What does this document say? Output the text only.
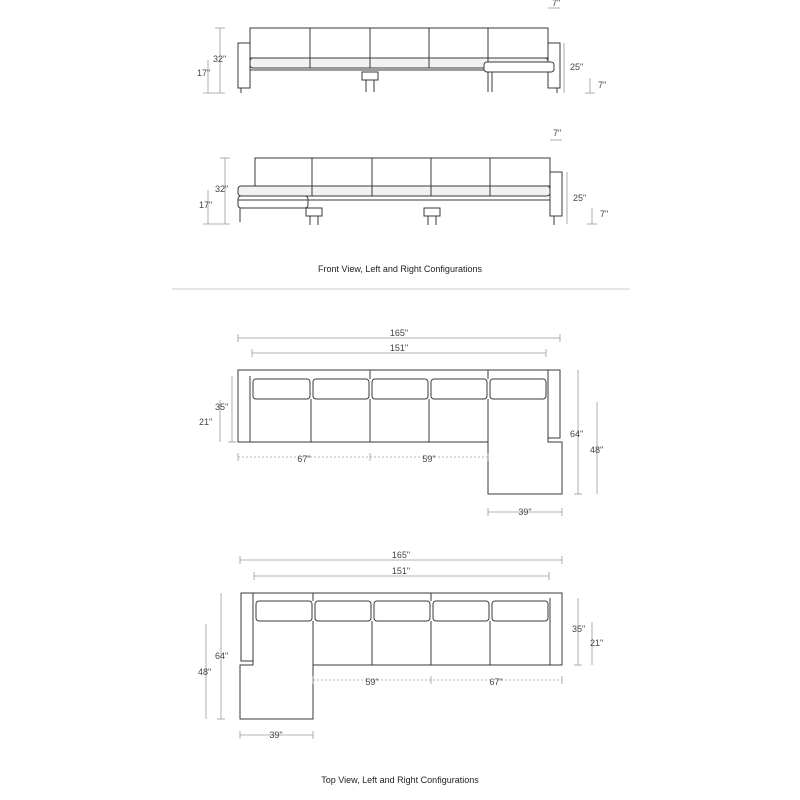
32"
17"
25"
7"
7"
32"
17"
25"
7"
7"
Front View, Left and Right Configurations
165"
151"
35"
21"
67"	59"
64"
48"
39"
165"
151"
64"
48"
35"
21"
59"	67"
39"
Top View, Left and Right Configurations
